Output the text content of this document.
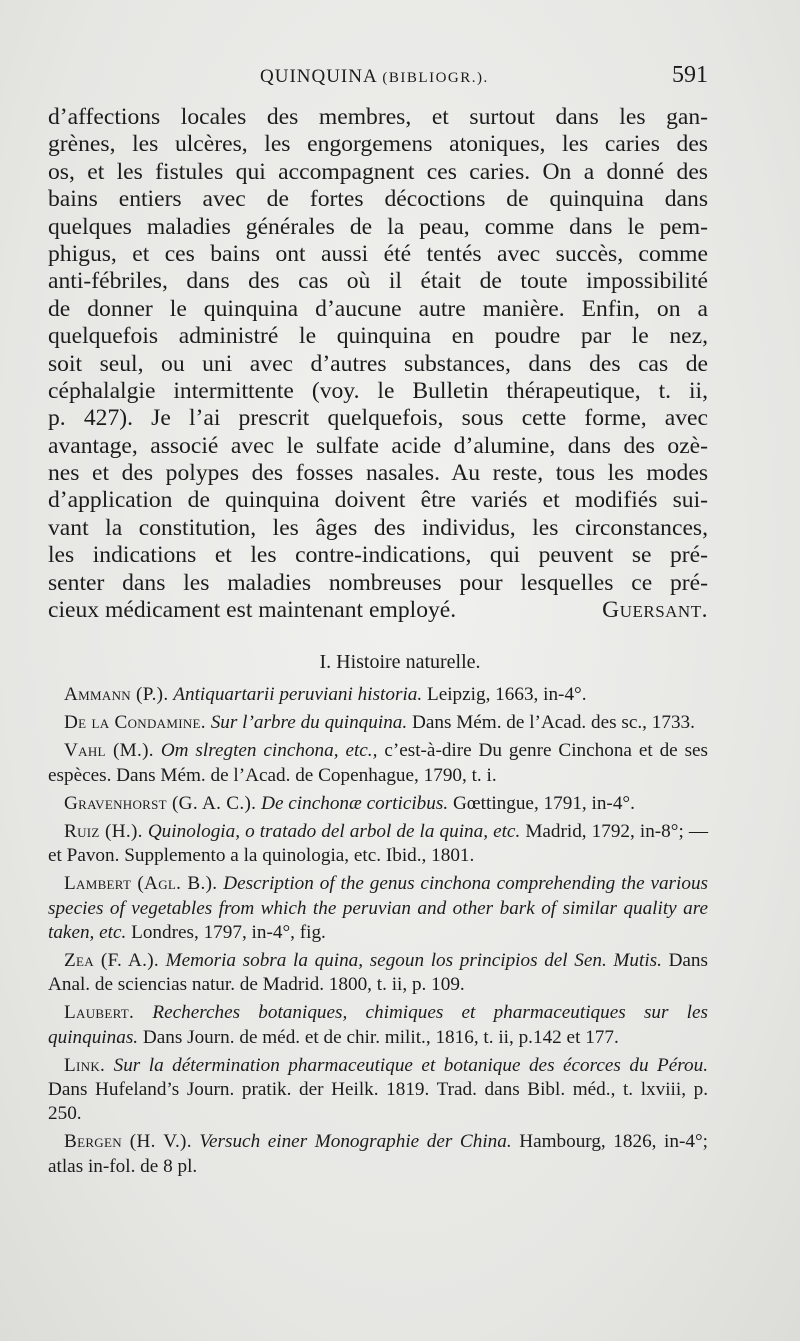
QUINQUINA (BIBLIOGR.).	591
d’affections locales des membres, et surtout dans les gan-
grènes, les ulcères, les engorgemens atoniques, les caries des
os, et les fistules qui accompagnent ces caries. On a donné des
bains entiers avec de fortes décoctions de quinquina dans
quelques maladies générales de la peau, comme dans le pem-
phigus, et ces bains ont aussi été tentés avec succès, comme
anti-fébriles, dans des cas où il était de toute impossibilité
de donner le quinquina d’aucune autre manière. Enfin, on a
quelquefois administré le quinquina en poudre par le nez,
soit seul, ou uni avec d’autres substances, dans des cas de
céphalalgie intermittente (voy. le Bulletin thérapeutique, t. ii,
p. 427). Je l’ai prescrit quelquefois, sous cette forme, avec
avantage, associé avec le sulfate acide d’alumine, dans des ozè-
nes et des polypes des fosses nasales. Au reste, tous les modes
d’application de quinquina doivent être variés et modifiés sui-
vant la constitution, les âges des individus, les circonstances,
les indications et les contre-indications, qui peuvent se pré-
senter dans les maladies nombreuses pour lesquelles ce pré-
cieux médicament est maintenant employé.	Guersant.
I. Histoire naturelle.

Ammann (P.). Antiquartarii peruviani historia. Leipzig, 1663, in-4°.

De la Condamine. Sur l’arbre du quinquina. Dans Mém. de l’Acad. des sc., 1733.

Vahl (M.). Om slregten cinchona, etc., c’est-à-dire Du genre Cinchona et de ses espèces. Dans Mém. de l’Acad. de Copenhague, 1790, t. i.

Gravenhorst (G. A. C.). De cinchonæ corticibus. Gœttingue, 1791, in-4°.

Ruiz (H.). Quinologia, o tratado del arbol de la quina, etc. Madrid, 1792, in-8°; — et Pavon. Supplemento a la quinologia, etc. Ibid., 1801.

Lambert (Agl. B.). Description of the genus cinchona comprehending the various species of vegetables from which the peruvian and other bark of similar quality are taken, etc. Londres, 1797, in-4°, fig.

Zea (F. A.). Memoria sobra la quina, segoun los principios del Sen. Mutis. Dans Anal. de sciencias natur. de Madrid. 1800, t. ii, p. 109.

Laubert. Recherches botaniques, chimiques et pharmaceutiques sur les quinquinas. Dans Journ. de méd. et de chir. milit., 1816, t. ii, p.142 et 177.

Link. Sur la détermination pharmaceutique et botanique des écorces du Pérou. Dans Hufeland’s Journ. pratik. der Heilk. 1819. Trad. dans Bibl. méd., t. lxviii, p. 250.

Bergen (H. V.). Versuch einer Monographie der China. Hambourg, 1826, in-4°; atlas in-fol. de 8 pl.
